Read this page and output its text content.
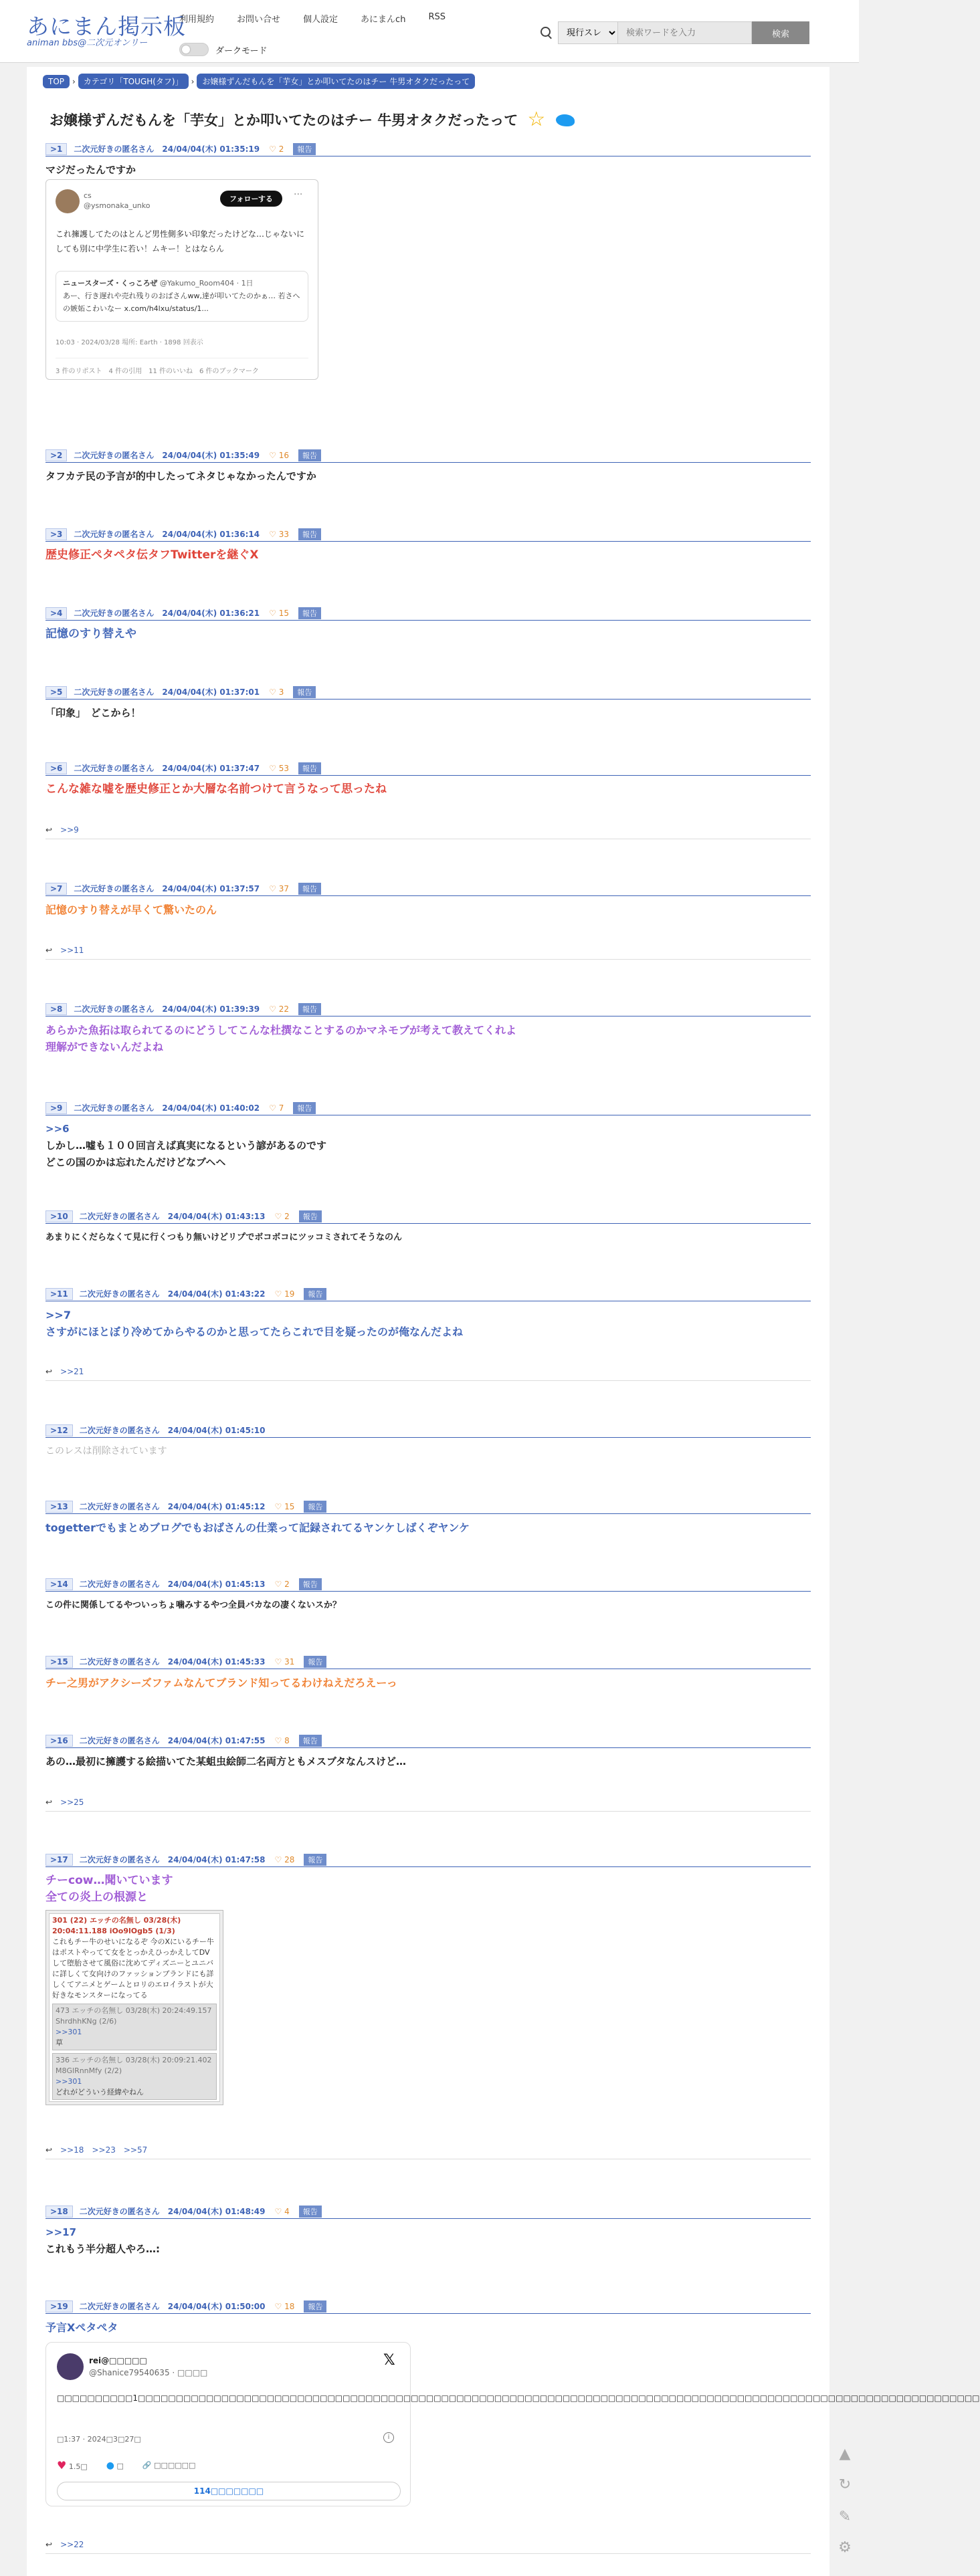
あにまん掲示板
animan bbs@二次元オンリー
利用規約	お問い合せ	個人設定	あにまんch	RSS
ダークモード
現行スレ
検索ワードを入力
検索
TOP	›	カテゴリ「TOUGH(タフ)」	›	お嬢様ずんだもんを「芋女」とか叩いてたのはチー 牛男オタクだったって
お嬢様ずんだもんを「芋女」とか叩いてたのはチー 牛男オタクだったって ☆
>1	二次元好きの匿名さん 24/04/04(木) 01:35:19 ♡ 2	報告
マジだったんですか
cs
@ysmonaka_unko
フォローする	···
これ擁護してたのはとんど男性側多い印象だったけどな…じゃないにしても別に中学生に若い！ムキー！とはならん
ニュースターズ・くっころぜ @Yakumo_Room404 · 1日
あー、行き遅れや売れ残りのおばさんww,達が叩いてたのかぁ… 若さへの嫉妬こわいなー x.com/h4lxu/status/1...
10:03 · 2024/03/28 場所: Earth · 1898 回表示
3 件のリポスト　4 件の引用　11 件のいいね　6 件のブックマーク
>2	二次元好きの匿名さん 24/04/04(木) 01:35:49 ♡ 16	報告
タフカテ民の予言が的中したってネタじゃなかったんですか
>3	二次元好きの匿名さん 24/04/04(木) 01:36:14 ♡ 33	報告
歴史修正ペタペタ伝タフTwitterを継ぐX
>4	二次元好きの匿名さん 24/04/04(木) 01:36:21 ♡ 15	報告
記憶のすり替えや
>5	二次元好きの匿名さん 24/04/04(木) 01:37:01 ♡ 3	報告
「印象」　どこから！
>6	二次元好きの匿名さん 24/04/04(木) 01:37:47 ♡ 53	報告
こんな雑な嘘を歴史修正とか大層な名前つけて言うなって思ったね
↩ >>9
>7	二次元好きの匿名さん 24/04/04(木) 01:37:57 ♡ 37	報告
記憶のすり替えが早くて驚いたのん
↩ >>11
>8	二次元好きの匿名さん 24/04/04(木) 01:39:39 ♡ 22	報告
あらかた魚拓は取られてるのにどうしてこんな杜撰なことするのかマネモブが考えて教えてくれよ
理解ができないんだよね
>9	二次元好きの匿名さん 24/04/04(木) 01:40:02 ♡ 7	報告
>>6
しかし…嘘も１００回言えば真実になるという諺があるのです
どこの国のかは忘れたんだけどなブヘヘ
>10	二次元好きの匿名さん 24/04/04(木) 01:43:13 ♡ 2	報告
あまりにくだらなくて見に行くつもり無いけどリプでボコボコにツッコミされてそうなのん
>11	二次元好きの匿名さん 24/04/04(木) 01:43:22 ♡ 19	報告
>>7
さすがにほとぼり冷めてからやるのかと思ってたらこれで目を疑ったのが俺なんだよね
↩ >>21
>12	二次元好きの匿名さん 24/04/04(木) 01:45:10
このレスは削除されています
>13	二次元好きの匿名さん 24/04/04(木) 01:45:12 ♡ 15	報告
togetterでもまとめブログでもおばさんの仕業って記録されてるヤンケしばくぞヤンケ
>14	二次元好きの匿名さん 24/04/04(木) 01:45:13 ♡ 2	報告
この件に関係してるやついっちょ噛みするやつ全員バカなの凄くないスか？
>15	二次元好きの匿名さん 24/04/04(木) 01:45:33 ♡ 31	報告
チー之男がアクシーズファムなんてブランド知ってるわけねえだろえーっ
>16	二次元好きの匿名さん 24/04/04(木) 01:47:55 ♡ 8	報告
あの…最初に擁護する絵描いてた某蛆虫絵師二名両方ともメスブタなんスけど…
↩ >>25
>17	二次元好きの匿名さん 24/04/04(木) 01:47:58 ♡ 28	報告
チーcow…聞いています
全ての炎上の根源と
301 (22) エッチの名無し 03/28(木) 20:04:11.188 iOo9lOgb5 (1/3)
これもチー牛のせいになるぞ 今のXにいるチー牛はポストやってて女をとっかえひっかえしてDVして堕胎させて風俗に沈めてディズニーとユニバに詳しくて女向けのファッションブランドにも詳しくてアニメとゲームとロリのエロイラストが大好きなモンスターになってる
473 エッチの名無し 03/28(木) 20:24:49.157 ShrdhhKNg (2/6)
>>301
草
336 エッチの名無し 03/28(木) 20:09:21.402 M8GlRnnMfy (2/2)
>>301
どれがどういう経緯やねん
↩ >>18 >>23 >>57
>18	二次元好きの匿名さん 24/04/04(木) 01:48:49 ♡ 4	報告
>>17
これもう半分超人やろ…:
>19	二次元好きの匿名さん 24/04/04(木) 01:50:00 ♡ 18	報告
予言Xペタペタ
rei@□□□□□
@Shanice79540635 · □□□□
𝕏
□□□□□□□□□□1□□□□□□□□□□□□□□□□□□□□□□□□□□□□□□□□□□□□□□□□□□□□□□□□□□□□□□□□□□□□□□□□□□□□□□□□□□□□□□□□□□□□□□□□□□□□□□□□□□□□□□□□□□□□□□□
□1:37 · 2024□3□27□	i
♥ 1.5□ ● □	🔗 □□□□□□
114□□□□□□□
↩ >>22
▲
↻
✎
⚙
